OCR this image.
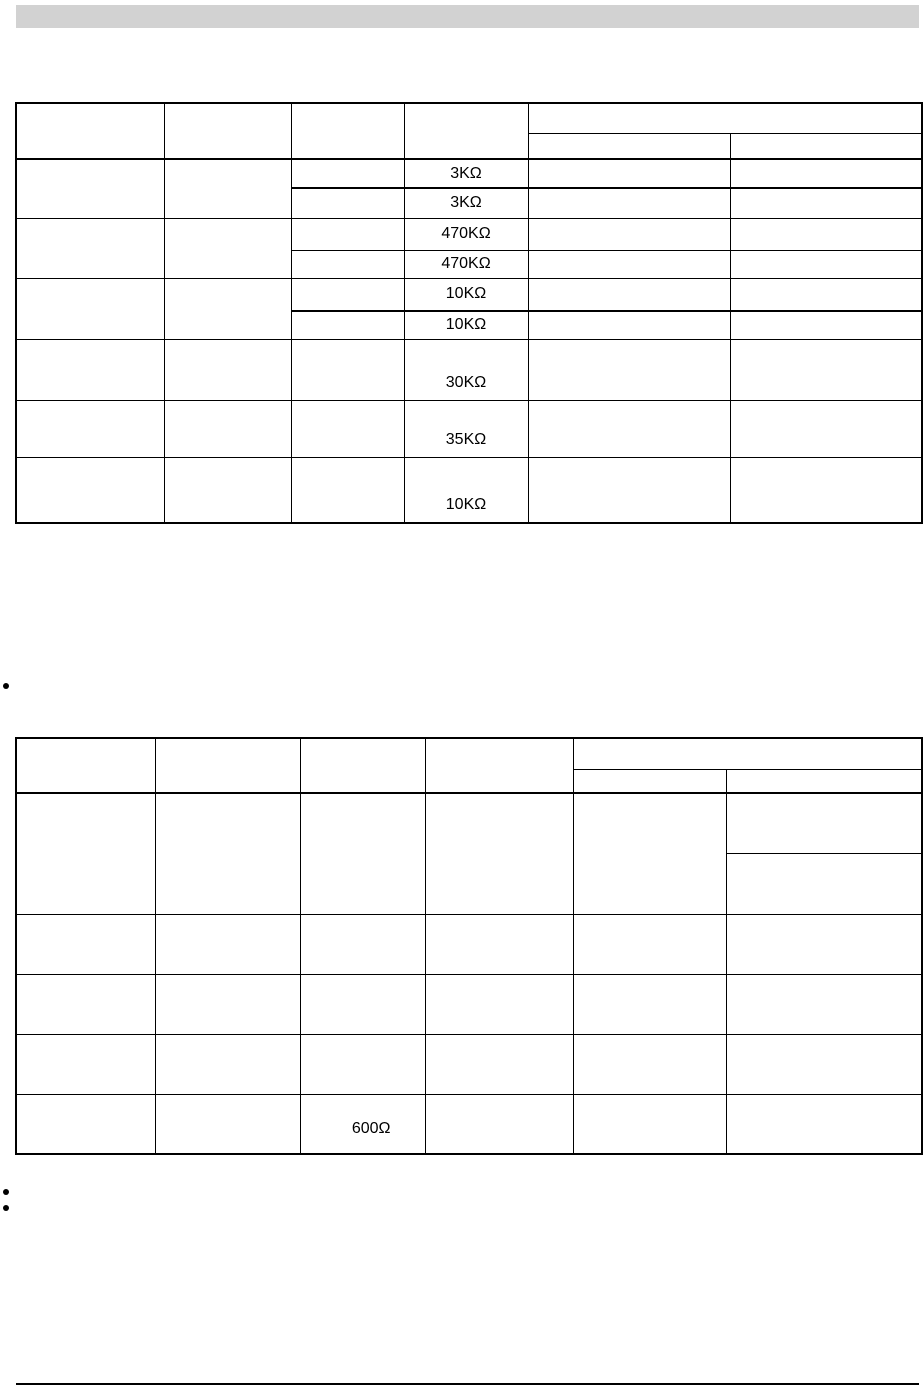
			3KΩ		
			3KΩ		
			470KΩ		
			470KΩ		
			10KΩ		
			10KΩ		
			30KΩ		
			35KΩ		
			10KΩ		

		600Ω			
